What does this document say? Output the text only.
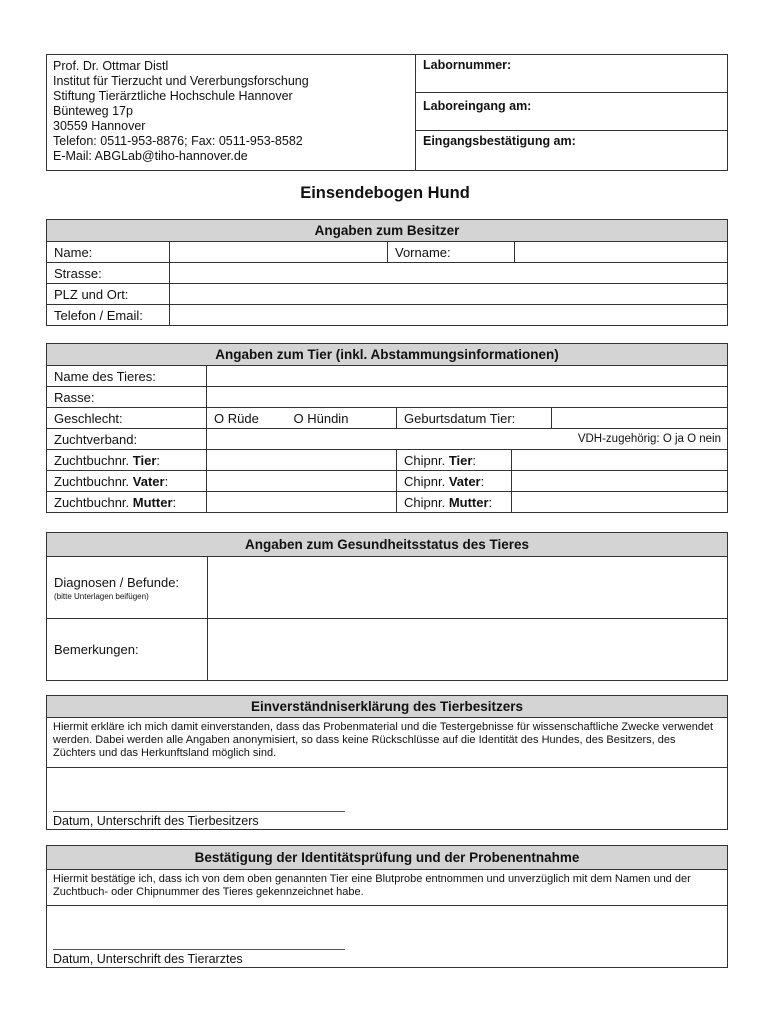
Prof. Dr. Ottmar Distl
Institut für Tierzucht und Vererbungsforschung
Stiftung Tierärztliche Hochschule Hannover
Bünteweg 17p
30559 Hannover
Telefon: 0511-953-8876; Fax: 0511-953-8582
E-Mail: ABGLab@tiho-hannover.de
	Labornummer:
Laboreingang am:
Eingangsbestätigung am:
Einsendebogen Hund
Angaben zum Besitzer			
Name:		Vorname:	
Strasse:			
PLZ und Ort:			
Telefon / Email:			
Angaben zum Tier (inkl. Abstammungsinformationen)					
Name des Tieres:					
Rasse:					
Geschlecht:	O Rüde	O Hündin	Geburtsdatum Tier:		
Zuchtverband:	VDH-zugehörig: O ja O nein				
Zuchtbuchnr. Tier:			Chipnr. Tier:		
Zuchtbuchnr. Vater:			Chipnr. Vater:		
Zuchtbuchnr. Mutter:			Chipnr. Mutter:		
Angaben zum Gesundheitsstatus des Tieres	
Diagnosen / Befunde:
(bitte Unterlagen beifügen)	

Bemerkungen:	
Einverständniserklärung des Tierbesitzers
Hiermit erkläre ich mich damit einverstanden, dass das Probenmaterial und die Testergebnisse für wissenschaftliche Zwecke verwendet werden. Dabei werden alle Angaben anonymisiert, so dass keine Rückschlüsse auf die Identität des Hundes, des Besitzers, des Züchters und das Herkunftsland möglich sind.

Datum, Unterschrift des Tierbesitzers
Bestätigung der Identitätsprüfung und der Probenentnahme
Hiermit bestätige ich, dass ich von dem oben genannten Tier eine Blutprobe entnommen und unverzüglich mit dem Namen und der Zuchtbuch- oder Chipnummer des Tieres gekennzeichnet habe.

Datum, Unterschrift des Tierarztes
